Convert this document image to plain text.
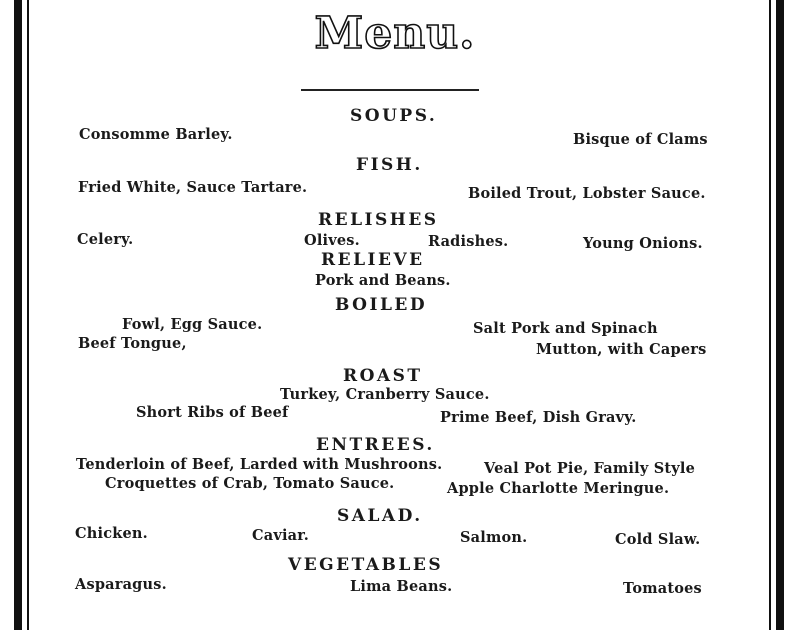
Menu.
SOUPS.
Consomme Barley.	Bisque of Clams
FISH.
Fried White, Sauce Tartare.	Boiled Trout, Lobster Sauce.
RELISHES
Celery.	Olives.	Radishes.	Young Onions.
RELIEVE
Pork and Beans.
BOILED
Fowl, Egg Sauce.	Salt Pork and Spinach
Beef Tongue,	Mutton, with Capers
ROAST
Turkey, Cranberry Sauce.
Short Ribs of Beef	Prime Beef, Dish Gravy.
ENTREES.
Tenderloin of Beef, Larded with Mushroons.	Veal Pot Pie, Family Style
Croquettes of Crab, Tomato Sauce.	Apple Charlotte Meringue.
SALAD.
Chicken.	Caviar.	Salmon.	Cold Slaw.
VEGETABLES
Asparagus.	Lima Beans.	Tomatoes
